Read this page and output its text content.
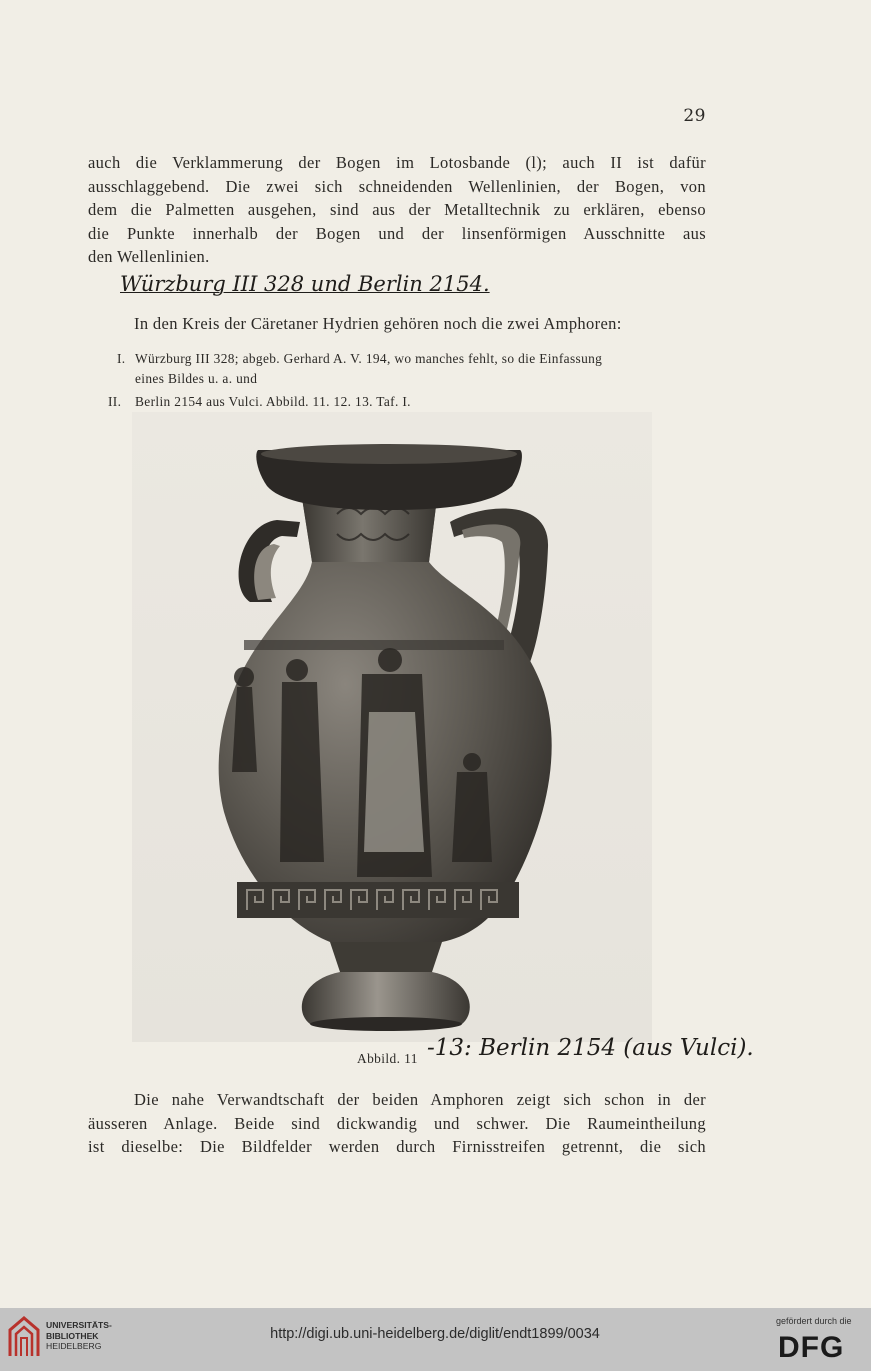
29
auch die Verklammerung der Bogen im Lotosbande (l); auch II ist dafür
ausschlaggebend. Die zwei sich schneidenden Wellenlinien, der Bogen, von
dem die Palmetten ausgehen, sind aus der Metalltechnik zu erklären, ebenso
die Punkte innerhalb der Bogen und der linsenförmigen Ausschnitte aus
den Wellenlinien.
Würzburg III 328 und Berlin 2154.
In den Kreis der Cäretaner Hydrien gehören noch die zwei Amphoren:
I. Würzburg III 328; abgeb. Gerhard A. V. 194, wo manches fehlt, so die Einfassung
eines Bildes u. a. und
II. Berlin 2154 aus Vulci. Abbild. 11. 12. 13. Taf. I.
Abbild. 11 -13: Berlin 2154 (aus Vulci).
Die nahe Verwandtschaft der beiden Amphoren zeigt sich schon in der
äusseren Anlage. Beide sind dickwandig und schwer. Die Raumeintheilung
ist dieselbe: Die Bildfelder werden durch Firnisstreifen getrennt, die sich
UNIVERSITÄTS-
BIBLIOTHEK
HEIDELBERG
http://digi.ub.uni-heidelberg.de/diglit/endt1899/0034
gefördert durch die
DFG
